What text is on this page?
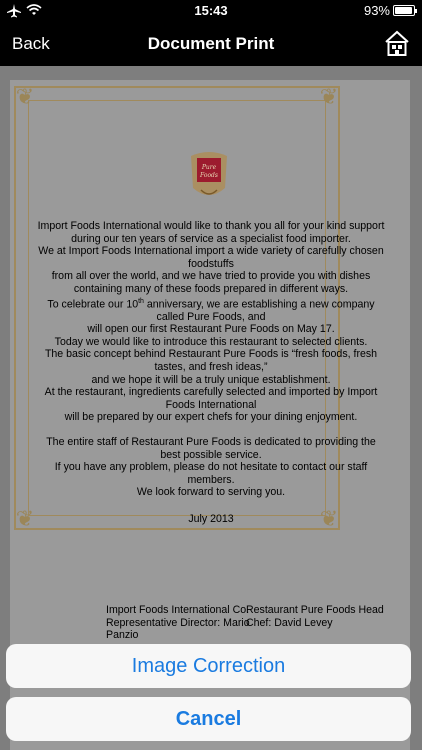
15:43	93%
Back	Document Print
❦	❦
❦	❦
Pure
Foods

Import Foods International would like to thank you all for your kind support

during our ten years of service as a specialist food importer.

We at Import Foods International import a wide variety of carefully chosen foodstuffs

from all over the world, and we have tried to provide you with dishes containing many of these foods prepared in different ways.

To celebrate our 10th anniversary, we are establishing a new company called Pure Foods, and

will open our first Restaurant Pure Foods on May 17.

Today we would like to introduce this restaurant to selected clients.

The basic concept behind Restaurant Pure Foods is “fresh foods, fresh tastes, and fresh ideas,”

and we hope it will be a truly unique establishment.

At the restaurant, ingredients carefully selected and imported by Import Foods International

will be prepared by our expert chefs for your dining enjoyment.

The entire staff of Restaurant Pure Foods is dedicated to providing the best possible service.

If you have any problem, please do not hesitate to contact our staff members.

We look forward to serving you.

July 2013

Import Foods International Co. Representative Director: Mario Panzio
Restaurant Pure Foods Head Chef: David Levey
Image Correction
Cancel
